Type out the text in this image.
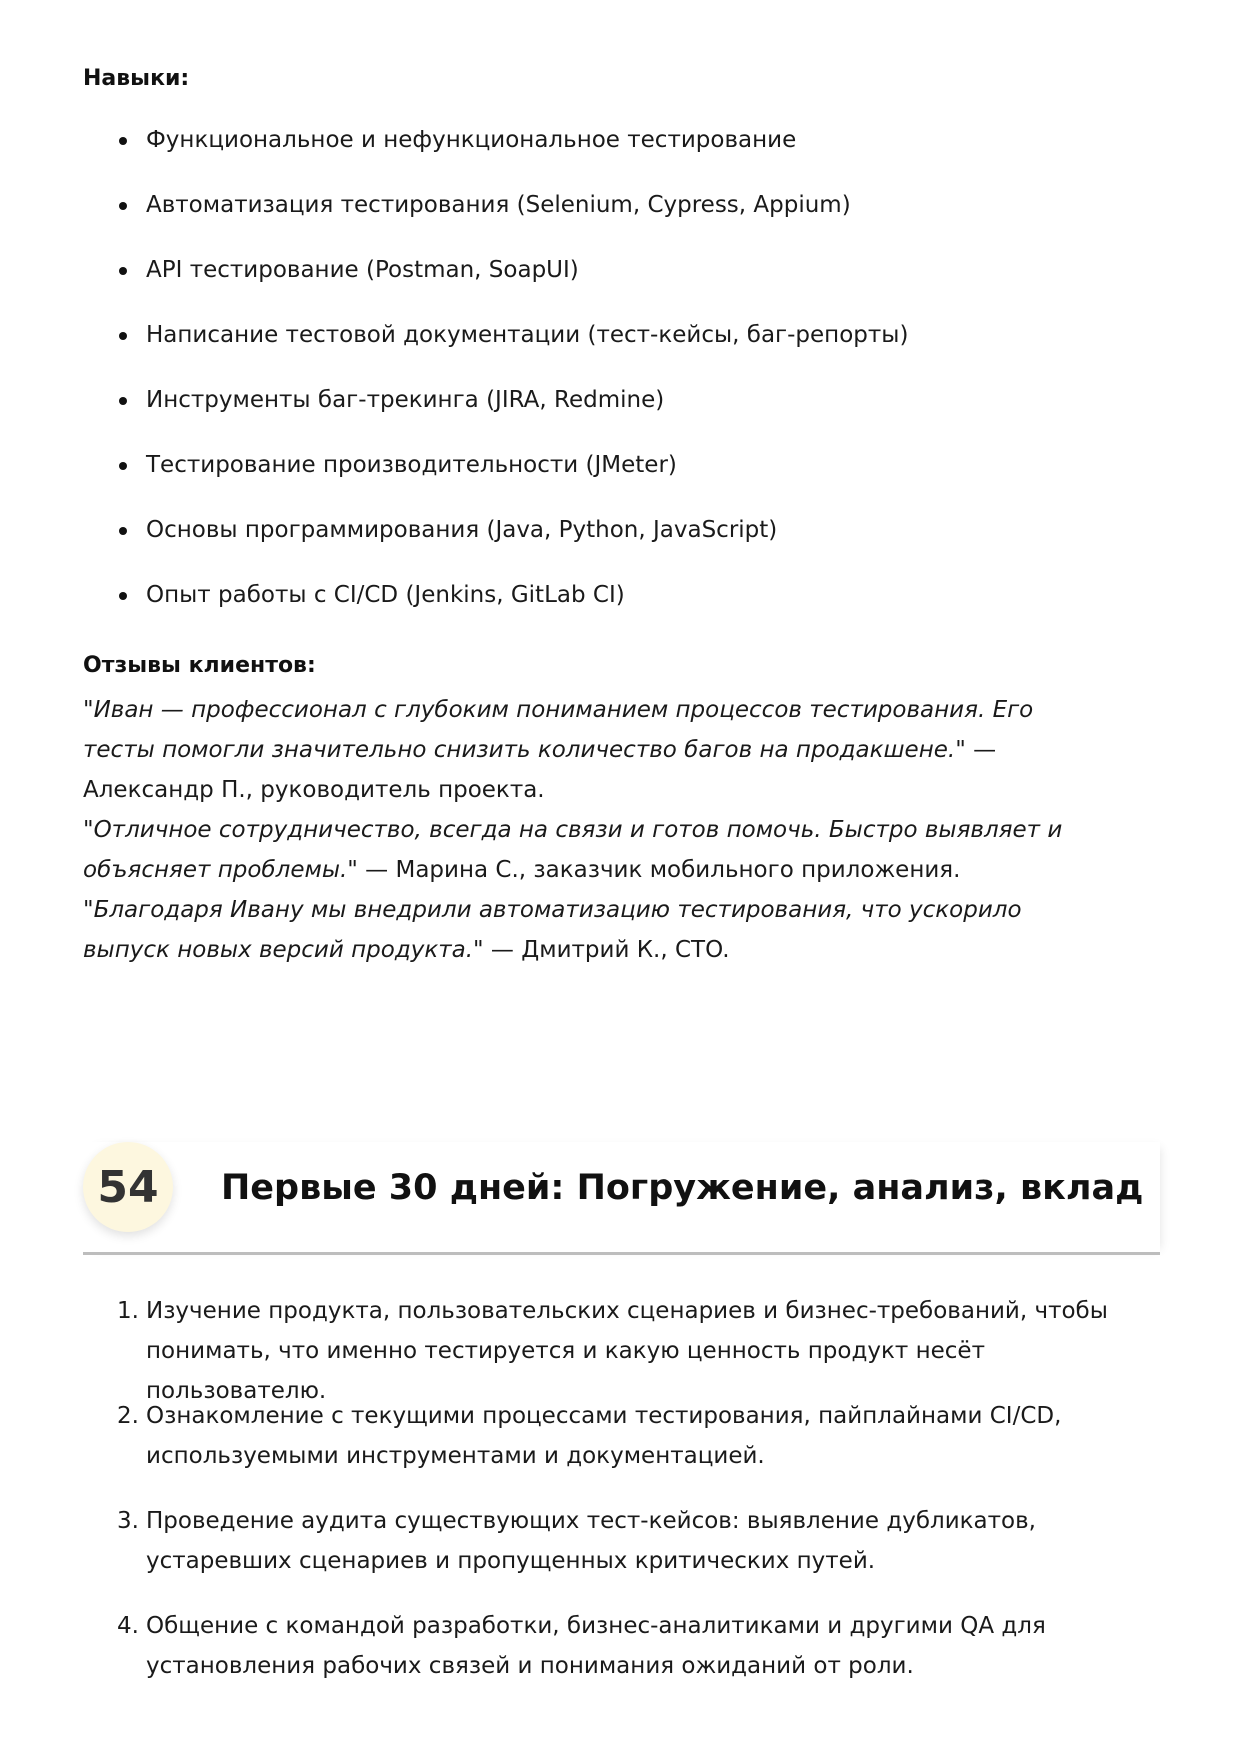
Навыки:
Функциональное и нефункциональное тестирование
Автоматизация тестирования (Selenium, Cypress, Appium)
API тестирование (Postman, SoapUI)
Написание тестовой документации (тест-кейсы, баг-репорты)
Инструменты баг-трекинга (JIRA, Redmine)
Тестирование производительности (JMeter)
Основы программирования (Java, Python, JavaScript)
Опыт работы с CI/CD (Jenkins, GitLab CI)
Отзывы клиентов:

"Иван — профессионал с глубоким пониманием процессов тестирования. Его тесты помогли значительно снизить количество багов на продакшене." — Александр П., руководитель проекта.

"Отличное сотрудничество, всегда на связи и готов помочь. Быстро выявляет и объясняет проблемы." — Марина С., заказчик мобильного приложения.

"Благодаря Ивану мы внедрили автоматизацию тестирования, что ускорило выпуск новых версий продукта." — Дмитрий К., CTO.

54	Первые 30 дней: Погружение, анализ, вклад
1. Изучение продукта, пользовательских сценариев и бизнес-требований, чтобы понимать, что именно тестируется и какую ценность продукт несёт пользователю.
2. Ознакомление с текущими процессами тестирования, пайплайнами CI/CD, используемыми инструментами и документацией.
3. Проведение аудита существующих тест-кейсов: выявление дубликатов, устаревших сценариев и пропущенных критических путей.
4. Общение с командой разработки, бизнес-аналитиками и другими QA для установления рабочих связей и понимания ожиданий от роли.
